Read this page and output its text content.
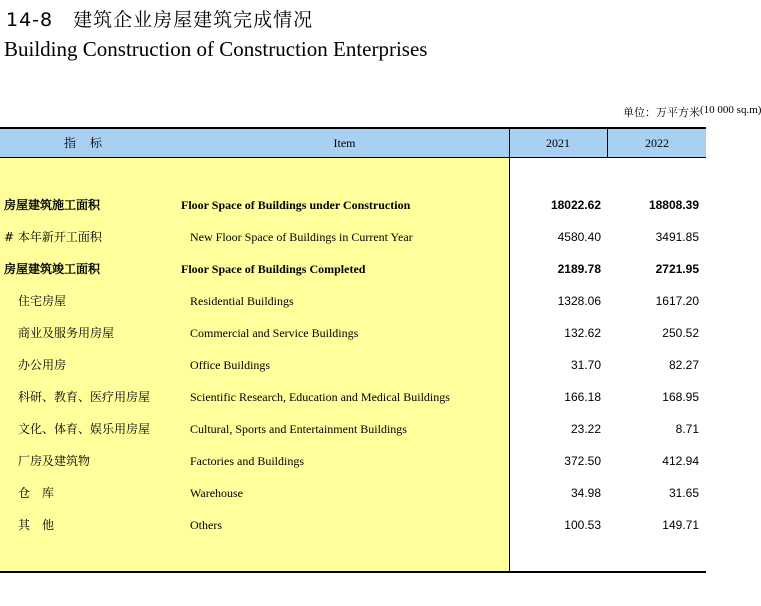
14-8　建筑企业房屋建筑完成情况
Building Construction of Construction Enterprises
单位：万平方米 (10 000 sq.m)
指标	Item	2021	2022
房屋建筑施工面积	Floor Space of Buildings under Construction	18022.62	18808.39
# 本年新开工面积	New Floor Space of Buildings in Current Year	4580.40	3491.85
房屋建筑竣工面积	Floor Space of Buildings Completed	2189.78	2721.95
住宅房屋	Residential Buildings	1328.06	1617.20
商业及服务用房屋	Commercial and Service Buildings	132.62	250.52
办公用房	Office Buildings	31.70	82.27
科研、教育、医疗用房屋	Scientific Research, Education and Medical Buildings	166.18	168.95
文化、体育、娱乐用房屋	Cultural, Sports and Entertainment Buildings	23.22	8.71
厂房及建筑物	Factories and Buildings	372.50	412.94
仓　库	Warehouse	34.98	31.65
其　他	Others	100.53	149.71
